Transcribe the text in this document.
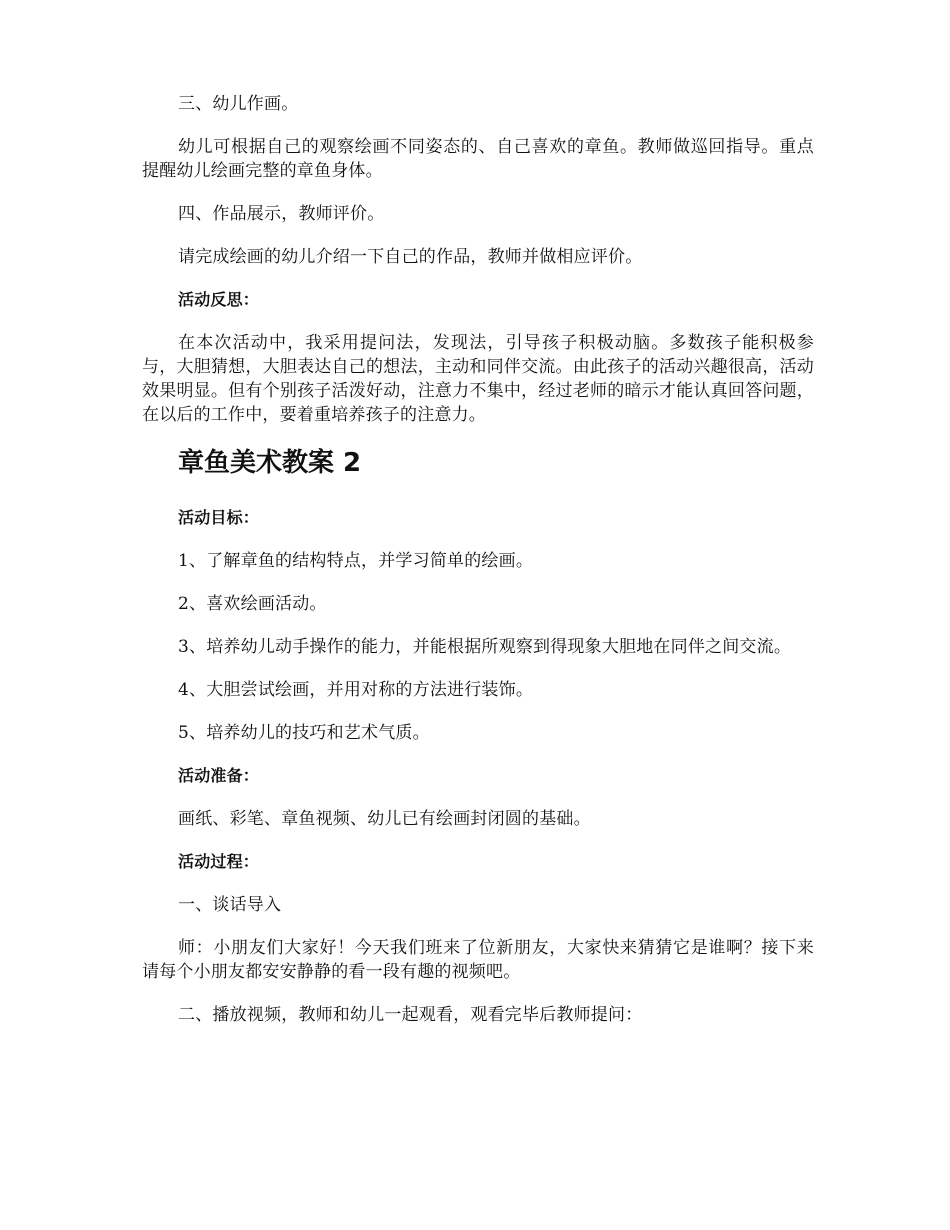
三、幼儿作画。

幼儿可根据自己的观察绘画不同姿态的、自己喜欢的章鱼。教师做巡回指导。重点提醒幼儿绘画完整的章鱼身体。

四、作品展示，教师评价。

请完成绘画的幼儿介绍一下自己的作品，教师并做相应评价。

活动反思：

在本次活动中，我采用提问法，发现法，引导孩子积极动脑。多数孩子能积极参与，大胆猜想，大胆表达自己的想法，主动和同伴交流。由此孩子的活动兴趣很高，活动效果明显。但有个别孩子活泼好动，注意力不集中，经过老师的暗示才能认真回答问题，在以后的工作中，要着重培养孩子的注意力。

章鱼美术教案 2

活动目标：

1、了解章鱼的结构特点，并学习简单的绘画。

2、喜欢绘画活动。

3、培养幼儿动手操作的能力，并能根据所观察到得现象大胆地在同伴之间交流。

4、大胆尝试绘画，并用对称的方法进行装饰。

5、培养幼儿的技巧和艺术气质。

活动准备：

画纸、彩笔、章鱼视频、幼儿已有绘画封闭圆的基础。

活动过程：

一、谈话导入

师：小朋友们大家好！今天我们班来了位新朋友，大家快来猜猜它是谁啊？接下来请每个小朋友都安安静静的看一段有趣的视频吧。

二、播放视频，教师和幼儿一起观看，观看完毕后教师提问：
